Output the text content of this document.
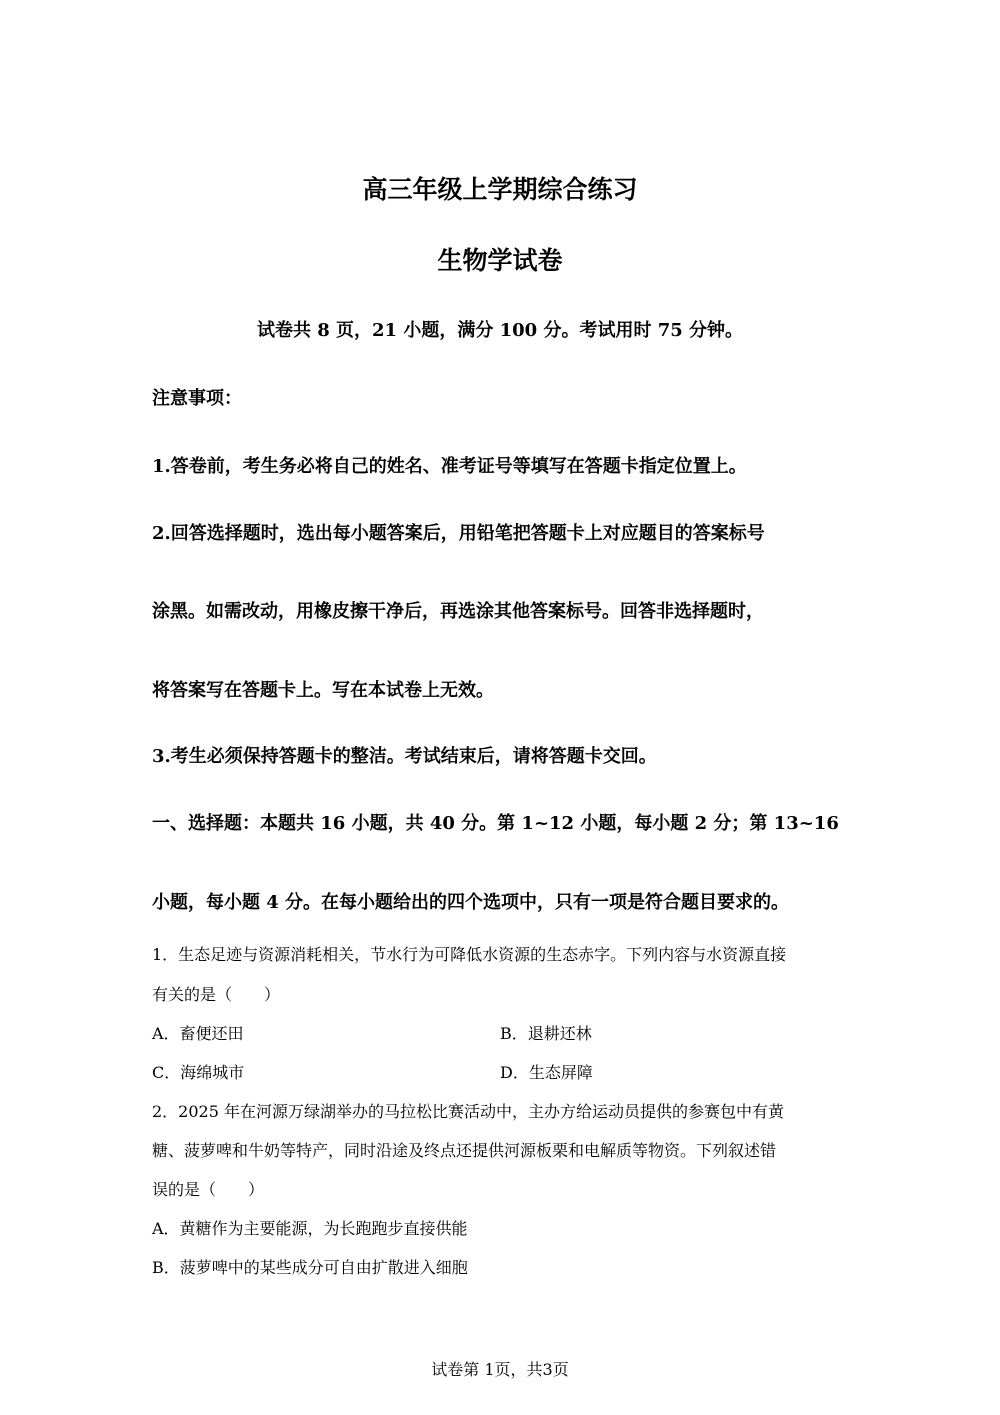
高三年级上学期综合练习
生物学试卷
试卷共 8 页，21 小题，满分 100 分。考试用时 75 分钟。
注意事项：
1.答卷前，考生务必将自己的姓名、准考证号等填写在答题卡指定位置上。
2.回答选择题时，选出每小题答案后，用铅笔把答题卡上对应题目的答案标号
涂黑。如需改动，用橡皮擦干净后，再选涂其他答案标号。回答非选择题时，
将答案写在答题卡上。写在本试卷上无效。
3.考生必须保持答题卡的整洁。考试结束后，请将答题卡交回。
一、选择题：本题共 16 小题，共 40 分。第 1~12 小题，每小题 2 分；第 13~16
小题，每小题 4 分。在每小题给出的四个选项中，只有一项是符合题目要求的。
1．生态足迹与资源消耗相关，节水行为可降低水资源的生态赤字。下列内容与水资源直接
有关的是（　　）
A．畜便还田	B．退耕还林
C．海绵城市	D．生态屏障
2．2025 年在河源万绿湖举办的马拉松比赛活动中，主办方给运动员提供的参赛包中有黄
糖、菠萝啤和牛奶等特产，同时沿途及终点还提供河源板栗和电解质等物资。下列叙述错
误的是（　　）
A．黄糖作为主要能源，为长跑跑步直接供能
B．菠萝啤中的某些成分可自由扩散进入细胞
试卷第 1页，共3页
